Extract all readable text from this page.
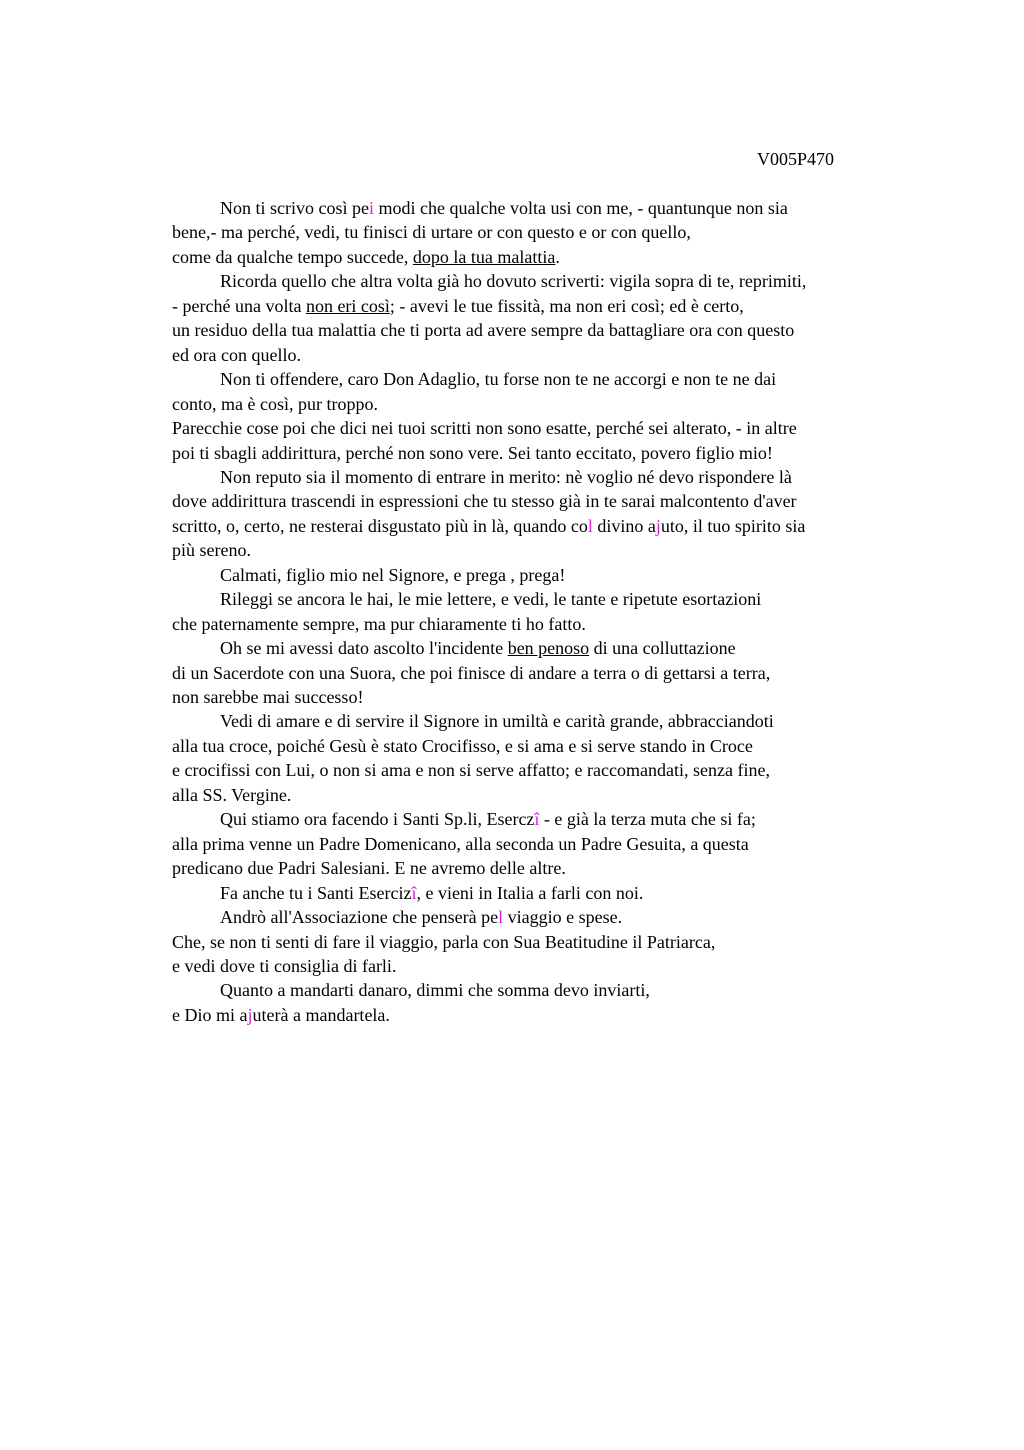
V005P470
Non ti scrivo così pei modi che qualche volta usi con me, - quantunque non sia
bene,- ma perché, vedi, tu finisci di urtare or con questo e or con quello,
come da qualche tempo succede, dopo la tua malattia.
Ricorda quello che altra volta già ho dovuto scriverti: vigila sopra di te, reprimiti,
- perché una volta non eri così; - avevi le tue fissità, ma non eri così; ed è certo,
un residuo della tua malattia che ti porta ad avere sempre da battagliare ora con questo
ed ora con quello.
Non ti offendere, caro Don Adaglio, tu forse non te ne accorgi e non te ne dai
conto, ma è così, pur troppo.
Parecchie cose poi che dici nei tuoi scritti non sono esatte, perché sei alterato, - in altre
poi ti sbagli addirittura, perché non sono vere. Sei tanto eccitato, povero figlio mio!
Non reputo sia il momento di entrare in merito: nè voglio né devo rispondere là
dove addirittura trascendi in espressioni che tu stesso già in te sarai malcontento d'aver
scritto, o, certo, ne resterai disgustato più in là, quando col divino ajuto, il tuo spirito sia
più sereno.
Calmati, figlio mio nel Signore, e prega , prega!
Rileggi se ancora le hai, le mie lettere, e vedi, le tante e ripetute esortazioni
che paternamente sempre, ma pur chiaramente ti ho fatto.
Oh se mi avessi dato ascolto l'incidente ben penoso di una colluttazione
di un Sacerdote con una Suora, che poi finisce di andare a terra o di gettarsi a terra,
non sarebbe mai successo!
Vedi di amare e di servire il Signore in umiltà e carità grande, abbracciandoti
alla tua croce, poiché Gesù è stato Crocifisso, e si ama e si serve stando in Croce
e crocifissi con Lui, o non si ama e non si serve affatto; e raccomandati, senza fine,
alla SS. Vergine.
Qui stiamo ora facendo i Santi Sp.li, Eserczî - e già la terza muta che si fa;
alla prima venne un Padre Domenicano, alla seconda un Padre Gesuita, a questa
predicano due Padri Salesiani. E ne avremo delle altre.
Fa anche tu i Santi Esercizî, e vieni in Italia a farli con noi.
Andrò all'Associazione che penserà pel viaggio e spese.
Che, se non ti senti di fare il viaggio, parla con Sua Beatitudine il Patriarca,
e vedi dove ti consiglia di farli.
Quanto a mandarti danaro, dimmi che somma devo inviarti,
e Dio mi ajuterà a mandartela.
